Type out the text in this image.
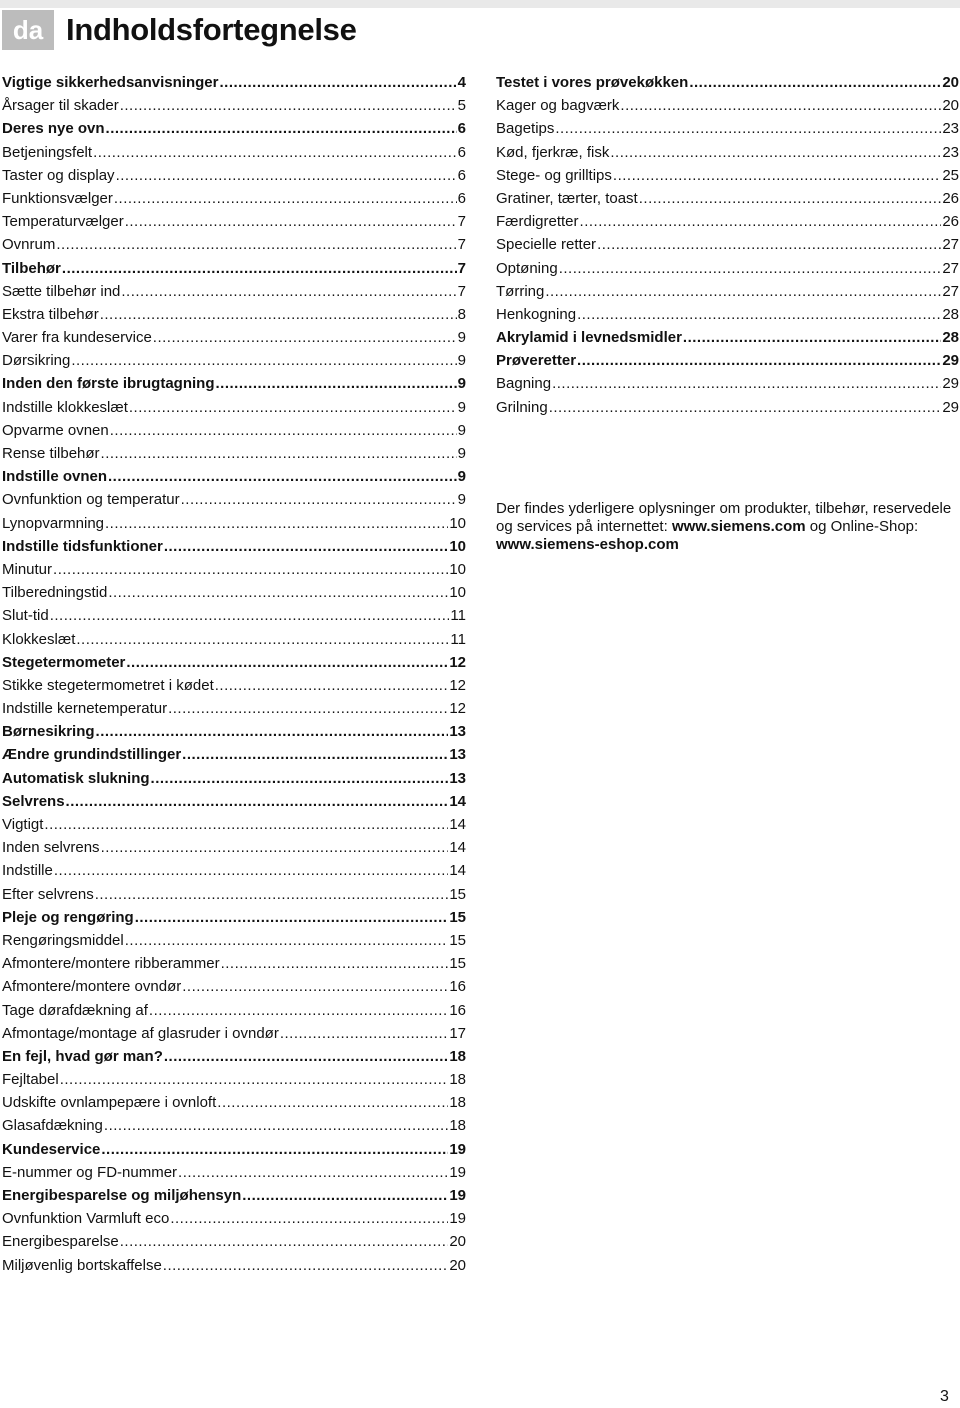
da Indholdsfortegnelse
Vigtige sikkerhedsanvisninger .....	4
Årsager til skader .....	5
Deres nye ovn .....	6
Betjeningsfelt .....	6
Taster og display .....	6
Funktionsvælger .....	6
Temperaturvælger .....	7
Ovnrum .....	7
Tilbehør .....	7
Sætte tilbehør ind .....	7
Ekstra tilbehør .....	8
Varer fra kundeservice .....	9
Dørsikring .....	9
Inden den første ibrugtagning .....	9
Indstille klokkeslæt .....	9
Opvarme ovnen .....	9
Rense tilbehør .....	9
Indstille ovnen .....	9
Ovnfunktion og temperatur .....	9
Lynopvarmning .....	10
Indstille tidsfunktioner .....	10
Minutur .....	10
Tilberedningstid .....	10
Slut-tid .....	11
Klokkeslæt .....	11
Stegetermometer .....	12
Stikke stegetermometret i kødet .....	12
Indstille kernetemperatur .....	12
Børnesikring .....	13
Ændre grundindstillinger .....	13
Automatisk slukning .....	13
Selvrens .....	14
Vigtigt .....	14
Inden selvrens .....	14
Indstille .....	14
Efter selvrens .....	15
Pleje og rengøring .....	15
Rengøringsmiddel .....	15
Afmontere/montere ribberammer .....	15
Afmontere/montere ovndør .....	16
Tage dørafdækning af .....	16
Afmontage/montage af glasruder i ovndør .....	17
En fejl, hvad gør man? .....	18
Fejltabel .....	18
Udskifte ovnlampepære i ovnloft .....	18
Glasafdækning .....	18
Kundeservice .....	19
E-nummer og FD-nummer .....	19
Energibesparelse og miljøhensyn .....	19
Ovnfunktion Varmluft eco .....	19
Energibesparelse .....	20
Miljøvenlig bortskaffelse .....	20
Testet i vores prøvekøkken .....	20
Kager og bagværk .....	20
Bagetips .....	23
Kød, fjerkræ, fisk .....	23
Stege- og grilltips .....	25
Gratiner, tærter, toast .....	26
Færdigretter .....	26
Specielle retter .....	27
Optøning .....	27
Tørring .....	27
Henkogning .....	28
Akrylamid i levnedsmidler .....	28
Prøveretter .....	29
Bagning .....	29
Grilning .....	29

Der findes yderligere oplysninger om produkter, tilbehør, reservedele og services på internettet: www.siemens.com og Online-Shop: www.siemens-eshop.com

3
